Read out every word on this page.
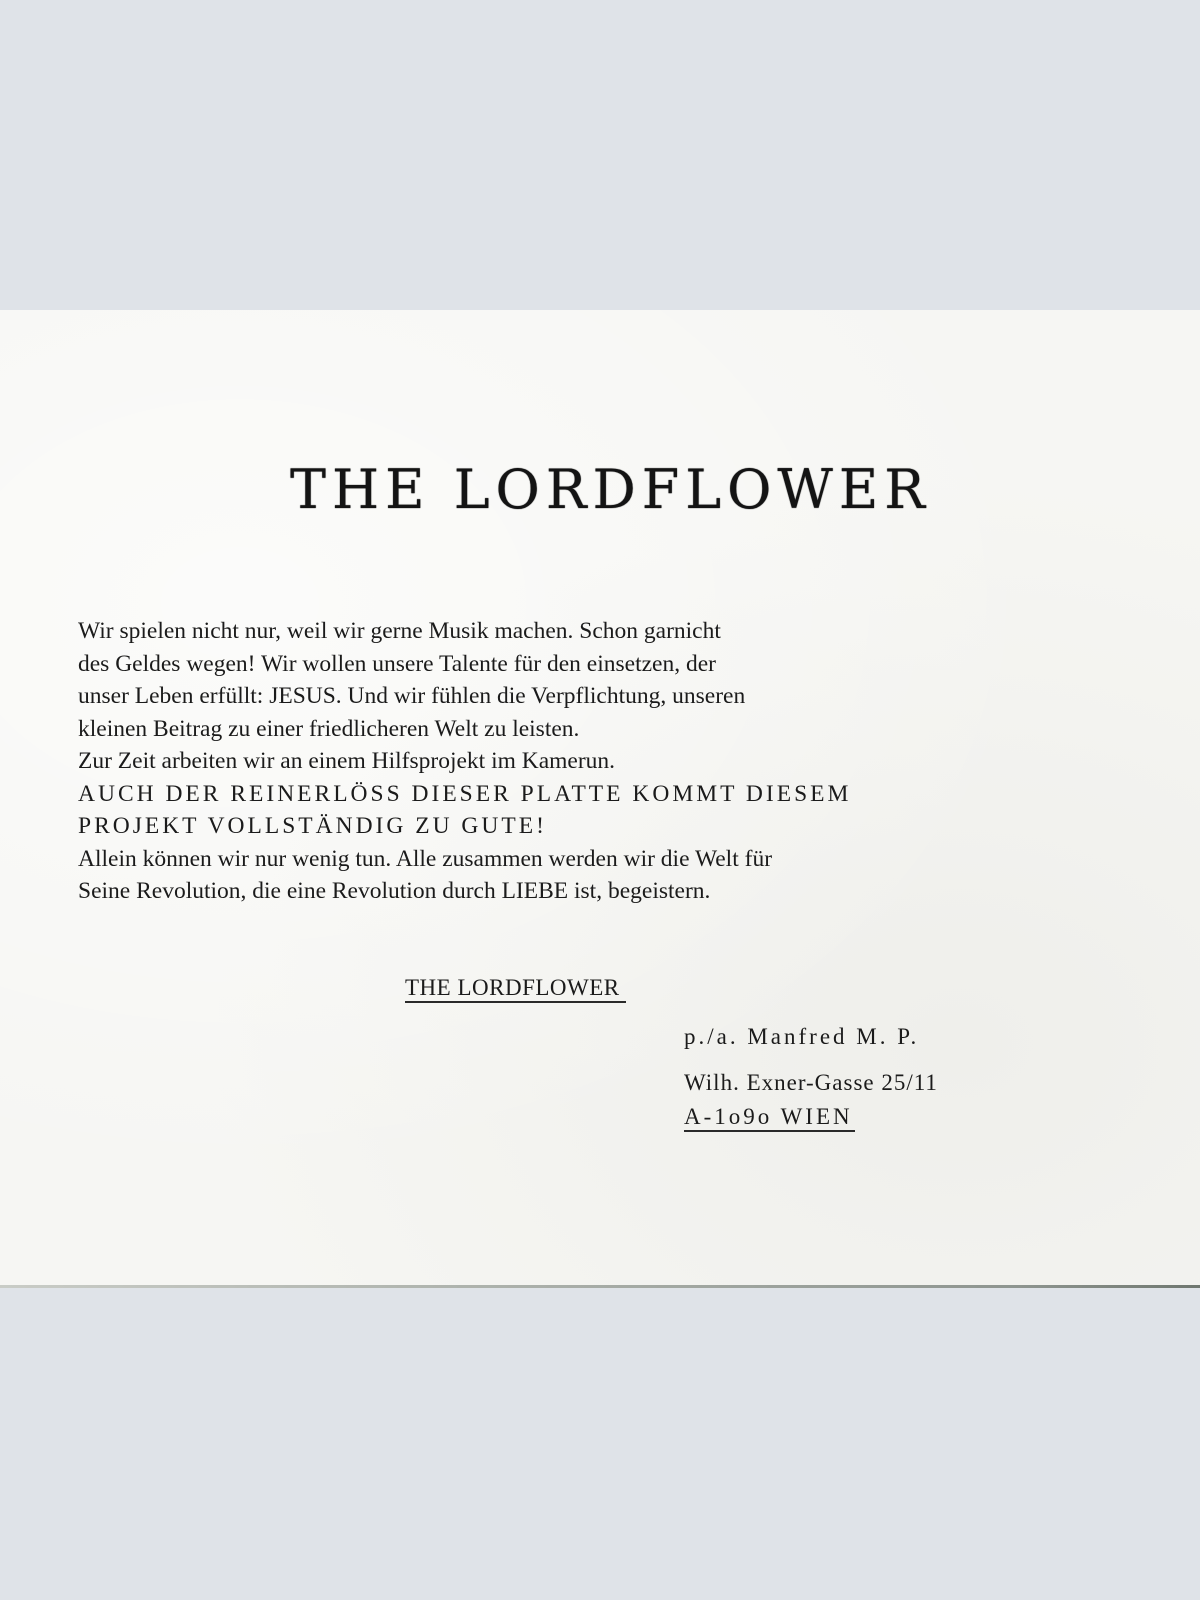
THE LORDFLOWER
Wir spielen nicht nur, weil wir gerne Musik machen. Schon garnicht
des Geldes wegen! Wir wollen unsere Talente für den einsetzen, der
unser Leben erfüllt: JESUS. Und wir fühlen die Verpflichtung, unseren
kleinen Beitrag zu einer friedlicheren Welt zu leisten.
Zur Zeit arbeiten wir an einem Hilfsprojekt im Kamerun.
AUCH DER REINERLÖSS DIESER PLATTE KOMMT DIESEM
PROJEKT VOLLSTÄNDIG ZU GUTE!
Allein können wir nur wenig tun. Alle zusammen werden wir die Welt für
Seine Revolution, die eine Revolution durch LIEBE ist, begeistern.

THE LORDFLOWER

p./a. Manfred M. P.
Wilh. Exner-Gasse 25/11
A-1o9o WIEN
